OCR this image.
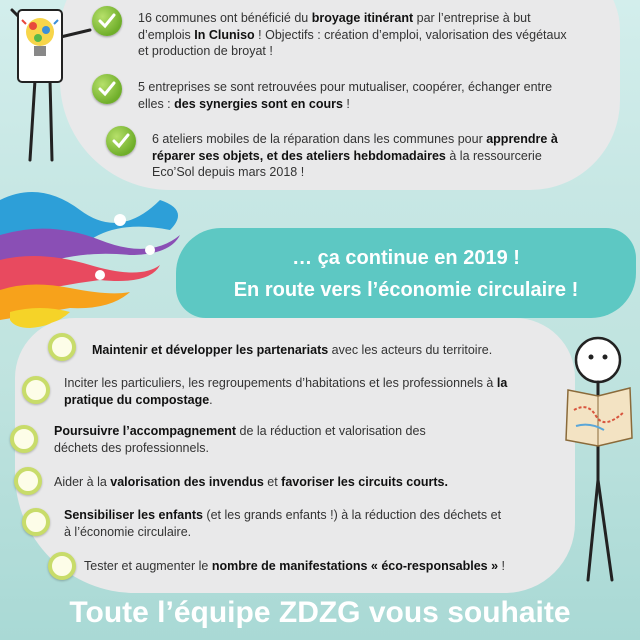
16 communes ont bénéficié du broyage itinérant par l’entreprise à but d’emplois In Cluniso ! Objectifs : création d’emploi, valorisation des végétaux et production de broyat !
5 entreprises se sont retrouvées pour mutualiser, coopérer, échanger entre elles : des synergies sont en cours !
6 ateliers mobiles de la réparation dans les communes pour apprendre à réparer ses objets, et des ateliers hebdomadaires à la ressourcerie Eco’Sol depuis mars 2018 !
… ça continue en 2019 !
En route vers l’économie circulaire !
Maintenir et développer les partenariats avec les acteurs du territoire.
Inciter les particuliers, les regroupements d’habitations et les professionnels à la pratique du compostage.
Poursuivre l’accompagnement de la réduction et valorisation des déchets des professionnels.
Aider à la valorisation des invendus et favoriser les circuits courts.
Sensibiliser les enfants (et les grands enfants !) à la réduction des déchets et à l’économie circulaire.
Tester et augmenter le nombre de manifestations « éco-responsables » !
Toute l’équipe ZDZG vous souhaite
